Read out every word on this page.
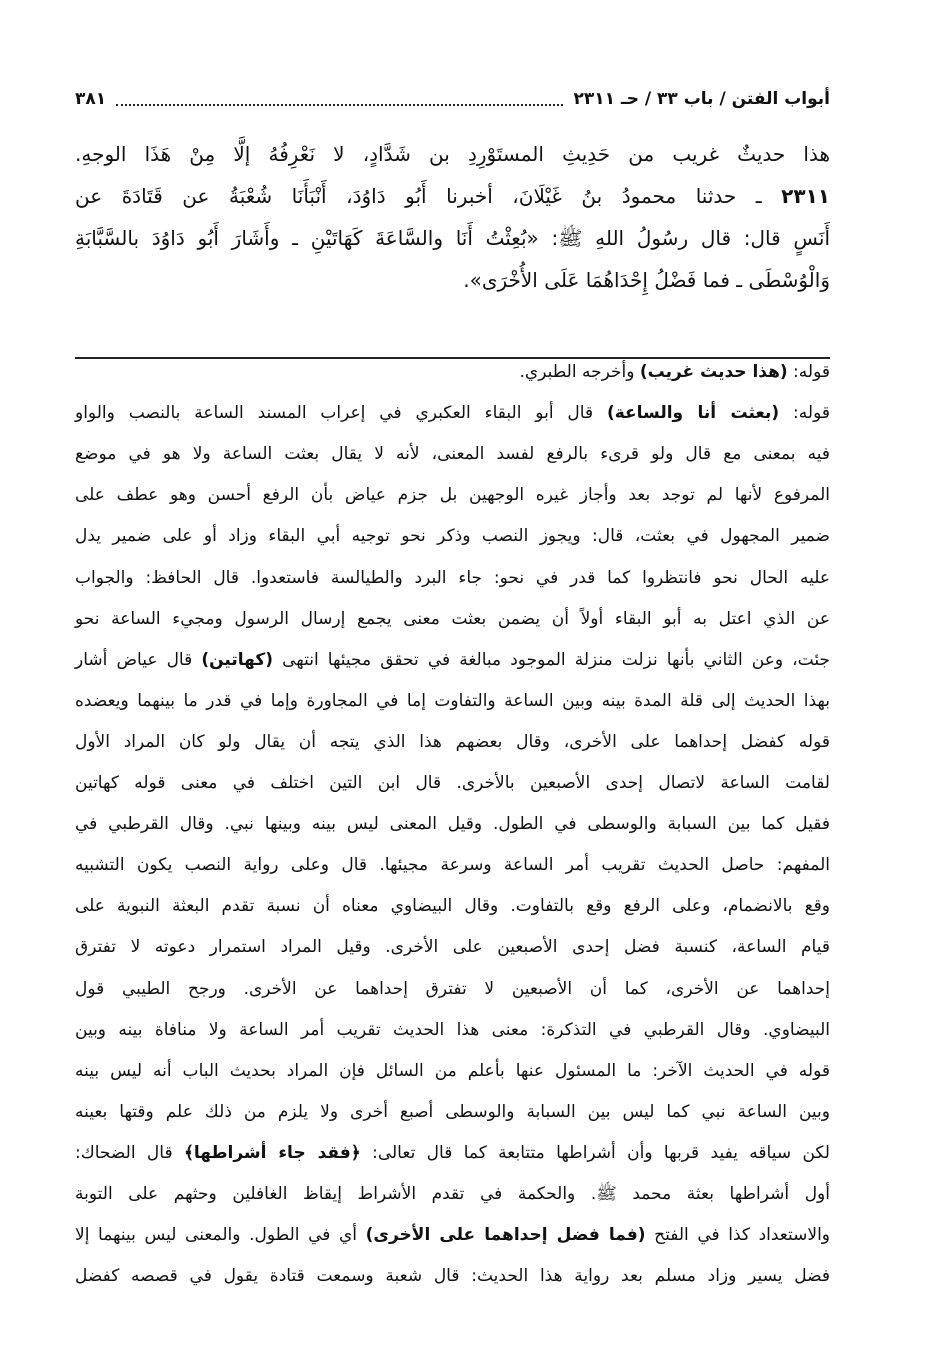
أبواب الفتن / باب ٣٣ / حـ ٢٣١١
٣٨١
هذا حديثٌ غريب من حَدِيثِ المستَوْرِدِ بن شَدَّادٍ، لا نَعْرِفُهُ إلَّا مِنْ هَذَا الوجهِ.
٢٣١١ ـ حدثنا محمودُ بنُ غَيْلَانَ، أخبرنا أَبُو دَاوُدَ، أَنْبَأَنَا شُعْبَةُ عن قَتَادَةَ عن
أَنَسٍ قال: قال رسُولُ اللهِ ﷺ: «بُعِثْتُ أَنَا والسَّاعَةَ كَهَاتَيْنِ ـ وأَشَارَ أَبُو دَاوُدَ بالسَّبَّابَةِ
وَالْوُسْطَى ـ فما فَضْلُ إِحْدَاهُمَا عَلَى الأُخْرَى».
قوله: (هذا حديث غريب) وأخرجه الطبري.
قوله: (بعثت أنا والساعة) قال أبو البقاء العكبري في إعراب المسند الساعة بالنصب والواو
فيه بمعنى مع قال ولو قرىء بالرفع لفسد المعنى، لأنه لا يقال بعثت الساعة ولا هو في موضع
المرفوع لأنها لم توجد بعد وأجاز غيره الوجهين بل جزم عياض بأن الرفع أحسن وهو عطف على
ضمير المجهول في بعثت، قال: ويجوز النصب وذكر نحو توجيه أبي البقاء وزاد أو على ضمير يدل
عليه الحال نحو فانتظروا كما قدر في نحو: جاء البرد والطيالسة فاستعدوا. قال الحافظ: والجواب
عن الذي اعتل به أبو البقاء أولاً أن يضمن بعثت معنى يجمع إرسال الرسول ومجيء الساعة نحو
جئت، وعن الثاني بأنها نزلت منزلة الموجود مبالغة في تحقق مجيئها انتهى (كهاتين) قال عياض أشار
بهذا الحديث إلى قلة المدة بينه وبين الساعة والتفاوت إما في المجاورة وإما في قدر ما بينهما ويعضده
قوله كفضل إحداهما على الأخرى، وقال بعضهم هذا الذي يتجه أن يقال ولو كان المراد الأول
لقامت الساعة لاتصال إحدى الأصبعين بالأخرى. قال ابن التين اختلف في معنى قوله كهاتين
فقيل كما بين السبابة والوسطى في الطول. وقيل المعنى ليس بينه وبينها نبي. وقال القرطبي في
المفهم: حاصل الحديث تقريب أمر الساعة وسرعة مجيئها. قال وعلى رواية النصب يكون التشبيه
وقع بالانضمام، وعلى الرفع وقع بالتفاوت. وقال البيضاوي معناه أن نسبة تقدم البعثة النبوية على
قيام الساعة، كنسبة فضل إحدى الأصبعين على الأخرى. وقيل المراد استمرار دعوته لا تفترق
إحداهما عن الأخرى، كما أن الأصبعين لا تفترق إحداهما عن الأخرى. ورجح الطيبي قول
البيضاوي. وقال القرطبي في التذكرة: معنى هذا الحديث تقريب أمر الساعة ولا منافاة بينه وبين
قوله في الحديث الآخر: ما المسئول عنها بأعلم من السائل فإن المراد بحديث الباب أنه ليس بينه
وبين الساعة نبي كما ليس بين السبابة والوسطى أصبع أخرى ولا يلزم من ذلك علم وقتها بعينه
لكن سياقه يفيد قربها وأن أشراطها متتابعة كما قال تعالى: ﴿فقد جاء أشراطها﴾ قال الضحاك:
أول أشراطها بعثة محمد ﷺ. والحكمة في تقدم الأشراط إيقاظ الغافلين وحثهم على التوبة
والاستعداد كذا في الفتح (فما فضل إحداهما على الأخرى) أي في الطول. والمعنى ليس بينهما إلا
فضل يسير وزاد مسلم بعد رواية هذا الحديث: قال شعبة وسمعت قتادة يقول في قصصه كفضل
